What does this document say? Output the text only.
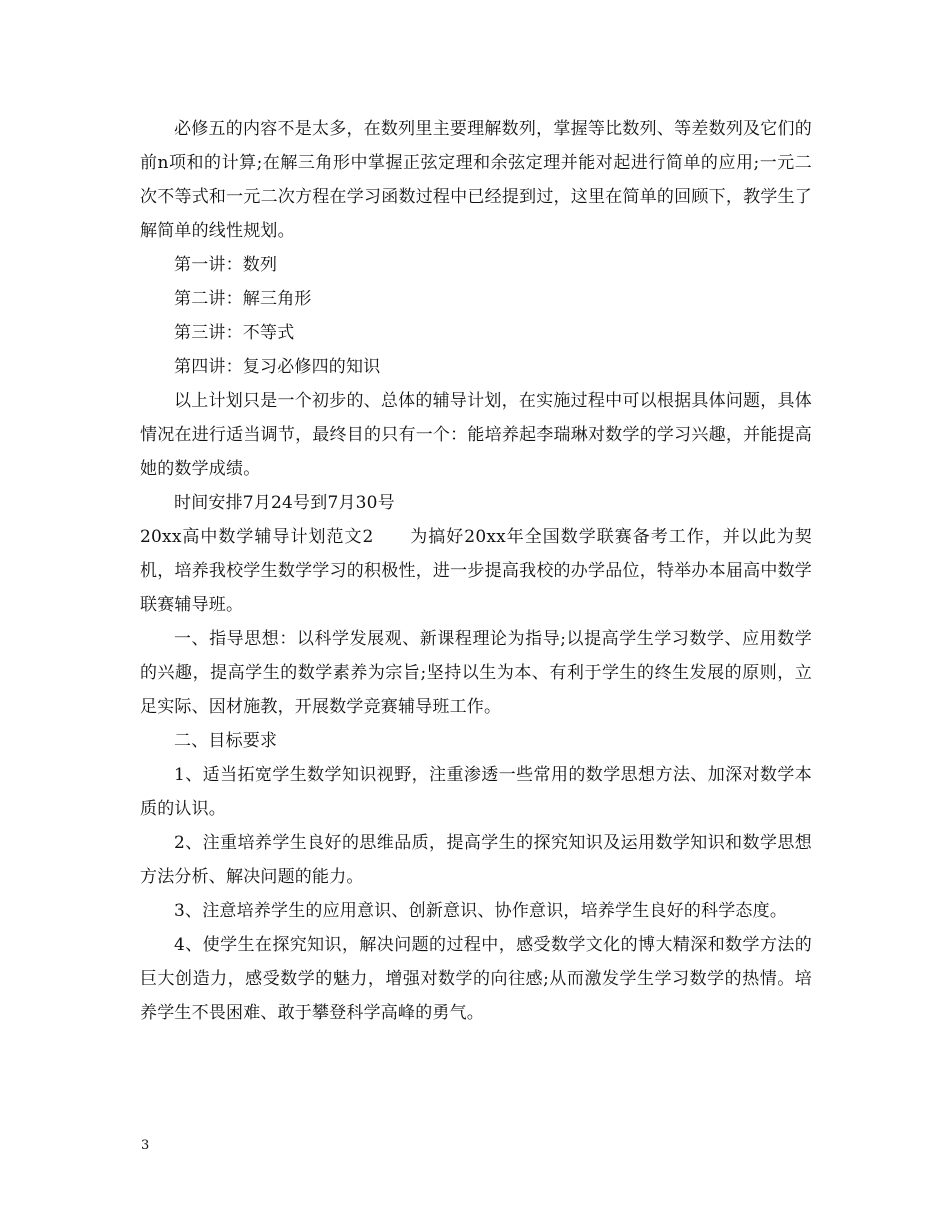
必修五的内容不是太多，在数列里主要理解数列，掌握等比数列、等差数列及它们的前n项和的计算;在解三角形中掌握正弦定理和余弦定理并能对起进行简单的应用;一元二次不等式和一元二次方程在学习函数过程中已经提到过，这里在简单的回顾下，教学生了解简单的线性规划。

第一讲：数列

第二讲：解三角形

第三讲：不等式

第四讲：复习必修四的知识

以上计划只是一个初步的、总体的辅导计划，在实施过程中可以根据具体问题，具体情况在进行适当调节，最终目的只有一个：能培养起李瑞琳对数学的学习兴趣，并能提高她的数学成绩。

时间安排7月24号到7月30号

20xx高中数学辅导计划范文2　　为搞好20xx年全国数学联赛备考工作，并以此为契机，培养我校学生数学学习的积极性，进一步提高我校的办学品位，特举办本届高中数学联赛辅导班。

一、指导思想：以科学发展观、新课程理论为指导;以提高学生学习数学、应用数学的兴趣，提高学生的数学素养为宗旨;坚持以生为本、有利于学生的终生发展的原则，立足实际、因材施教，开展数学竞赛辅导班工作。

二、目标要求

1、适当拓宽学生数学知识视野，注重渗透一些常用的数学思想方法、加深对数学本质的认识。

2、注重培养学生良好的思维品质，提高学生的探究知识及运用数学知识和数学思想方法分析、解决问题的能力。

3、注意培养学生的应用意识、创新意识、协作意识，培养学生良好的科学态度。

4、使学生在探究知识，解决问题的过程中，感受数学文化的博大精深和数学方法的巨大创造力，感受数学的魅力，增强对数学的向往感;从而激发学生学习数学的热情。培养学生不畏困难、敢于攀登科学高峰的勇气。

3
